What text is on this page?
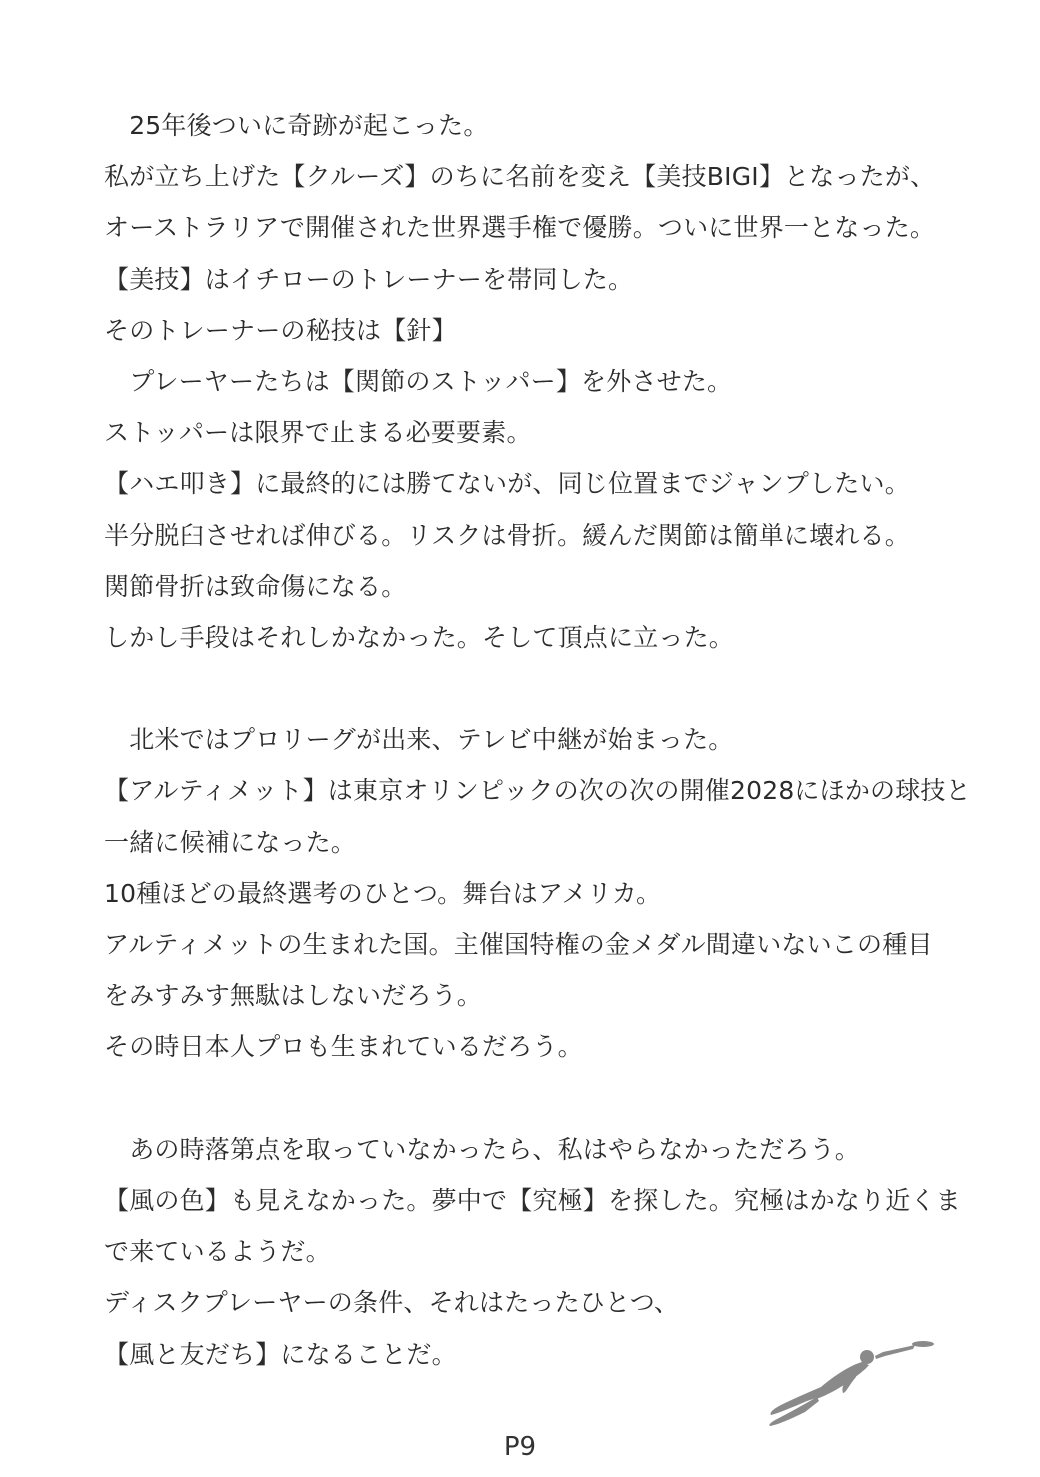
　25年後ついに奇跡が起こった。
私が立ち上げた【クルーズ】のちに名前を変え【美技BIGI】となったが、
オーストラリアで開催された世界選手権で優勝。ついに世界一となった。
【美技】はイチローのトレーナーを帯同した。
そのトレーナーの秘技は【針】
　プレーヤーたちは【関節のストッパー】を外させた。
ストッパーは限界で止まる必要要素。
【ハエ叩き】に最終的には勝てないが、同じ位置までジャンプしたい。
半分脱臼させれば伸びる。リスクは骨折。緩んだ関節は簡単に壊れる。
関節骨折は致命傷になる。
しかし手段はそれしかなかった。そして頂点に立った。
　北米ではプロリーグが出来、テレビ中継が始まった。
【アルティメット】は東京オリンピックの次の次の開催2028にほかの球技と
一緒に候補になった。
10種ほどの最終選考のひとつ。舞台はアメリカ。
アルティメットの生まれた国。主催国特権の金メダル間違いないこの種目
をみすみす無駄はしないだろう。
その時日本人プロも生まれているだろう。
　あの時落第点を取っていなかったら、私はやらなかっただろう。
【風の色】も見えなかった。夢中で【究極】を探した。究極はかなり近くま
で来ているようだ。
ディスクプレーヤーの条件、それはたったひとつ、
【風と友だち】になることだ。
P9
